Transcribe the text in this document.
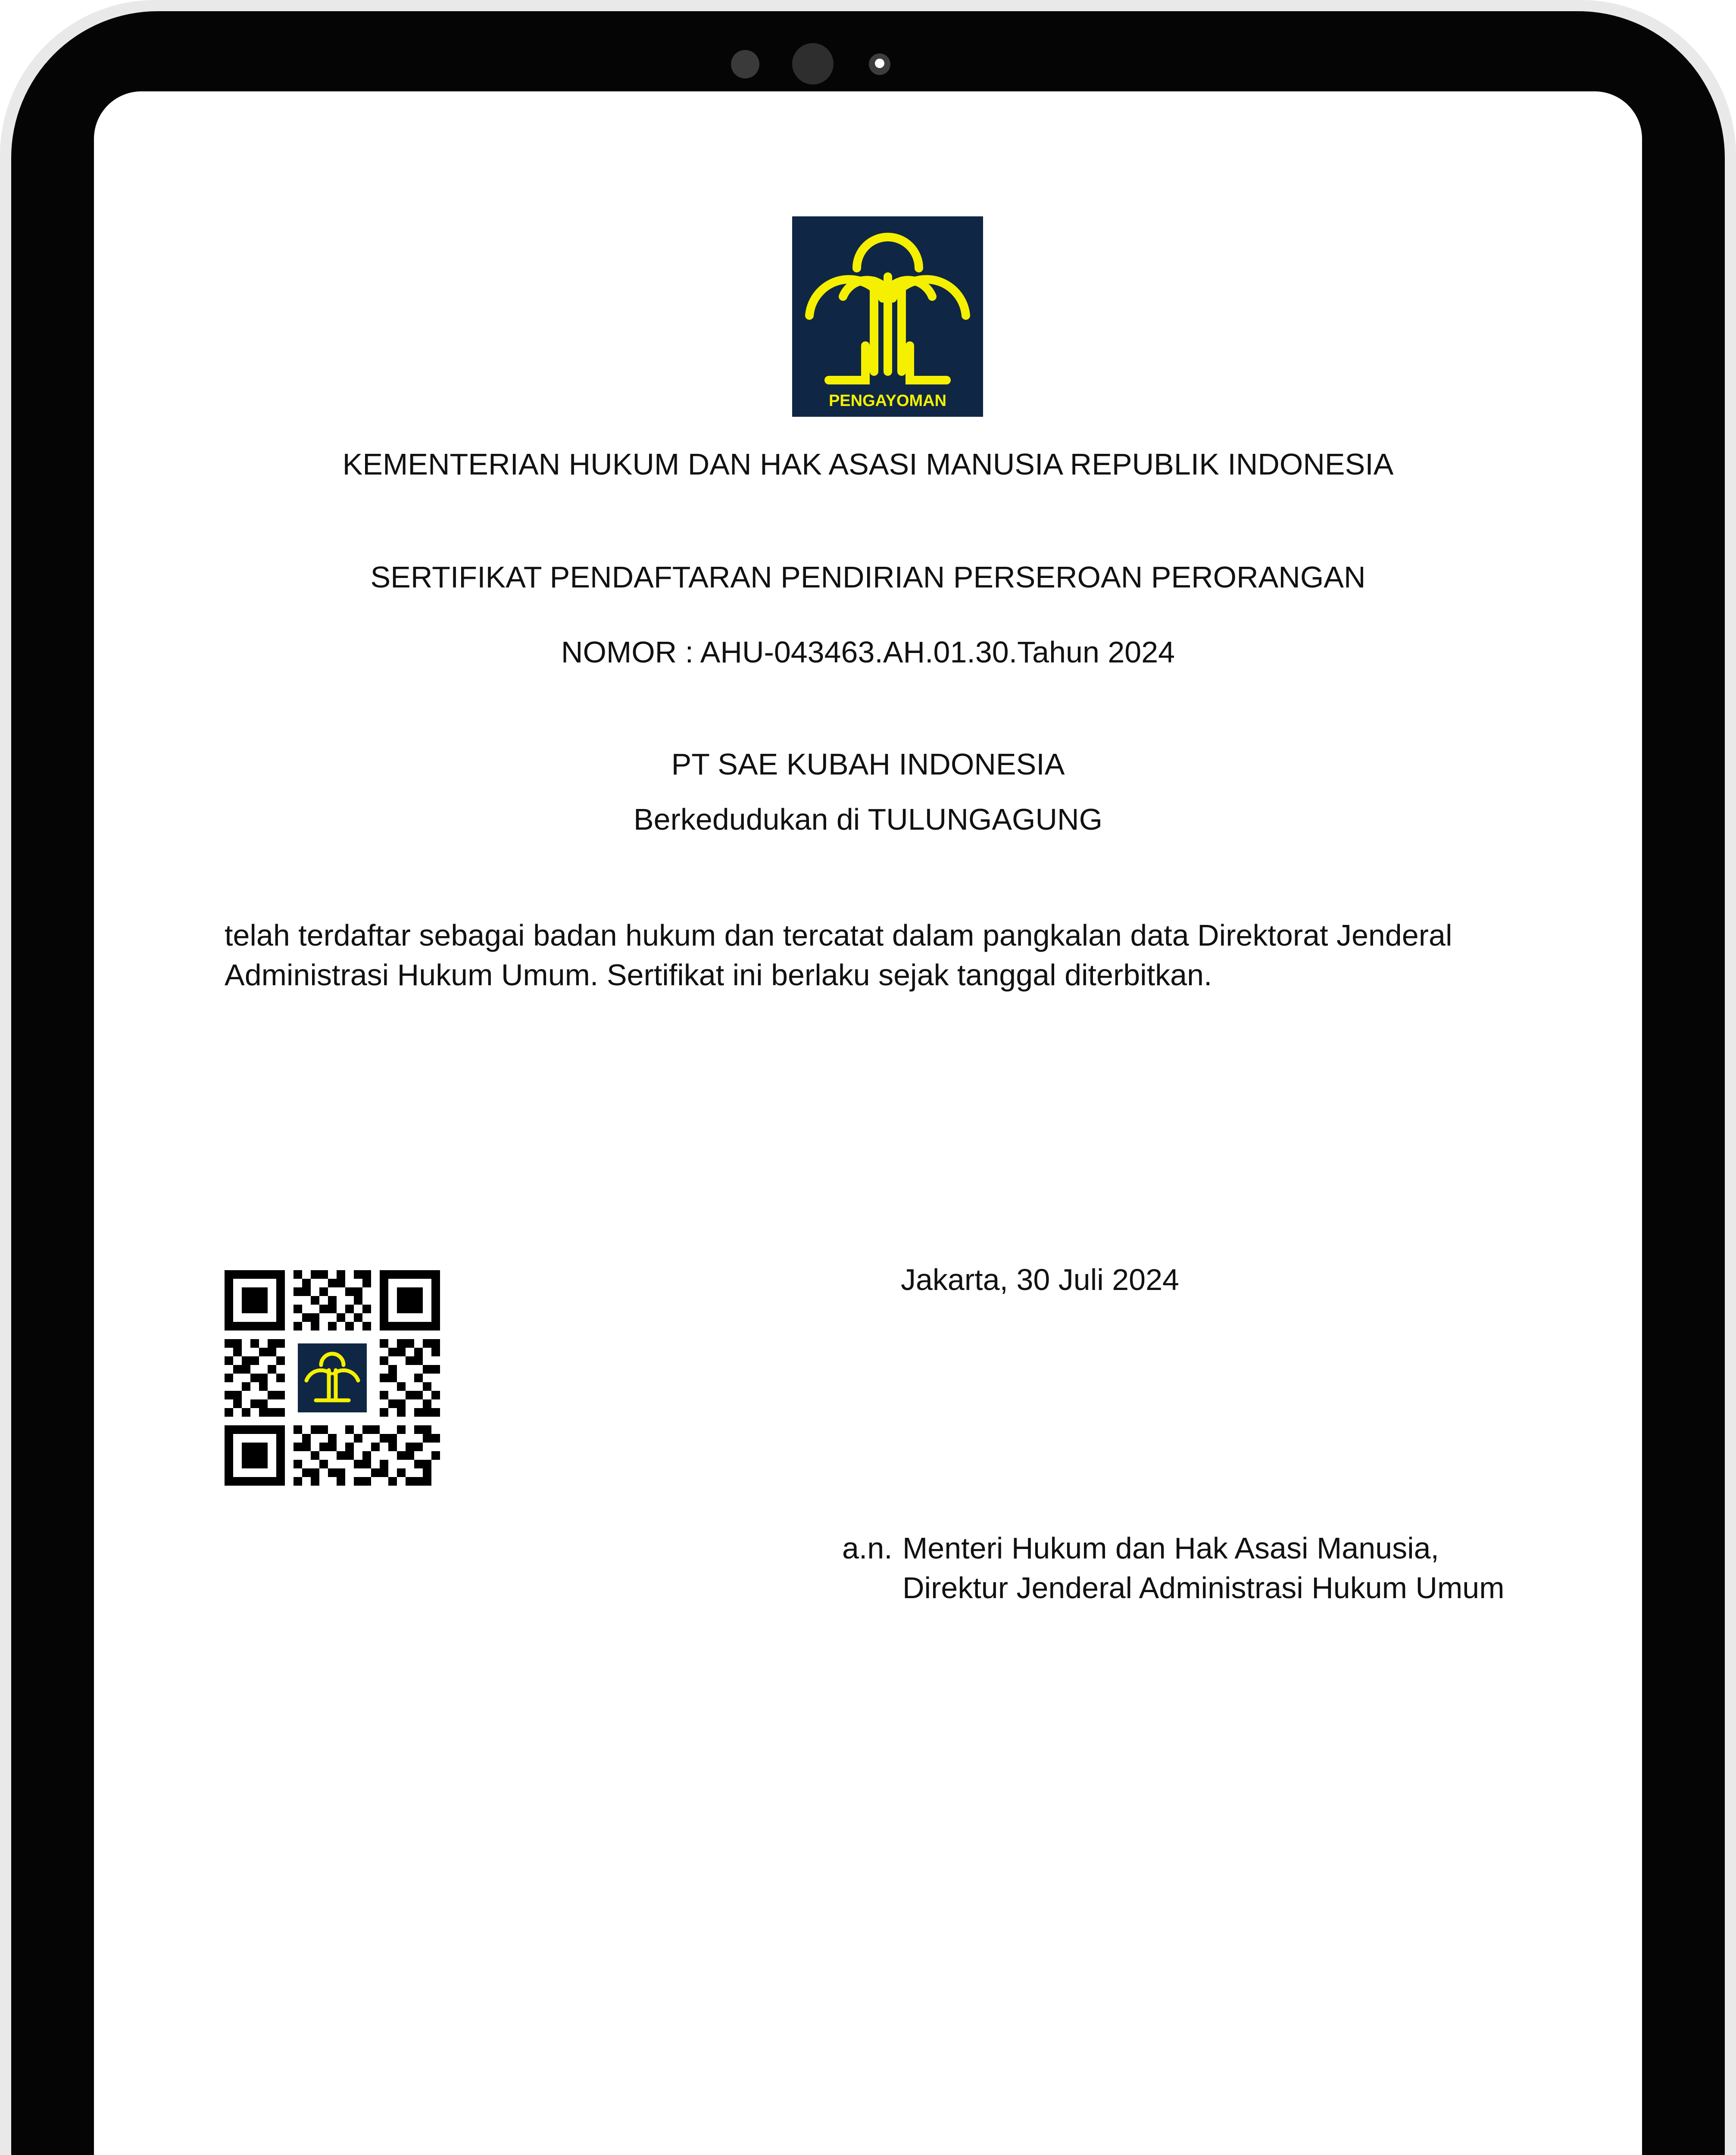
PENGAYOMAN
KEMENTERIAN HUKUM DAN HAK ASASI MANUSIA REPUBLIK INDONESIA
SERTIFIKAT PENDAFTARAN PENDIRIAN PERSEROAN PERORANGAN
NOMOR : AHU-043463.AH.01.30.Tahun 2024
PT SAE KUBAH INDONESIA
Berkedudukan di TULUNGAGUNG
telah terdaftar sebagai badan hukum dan tercatat dalam pangkalan data Direktorat Jenderal Administrasi Hukum Umum. Sertifikat ini berlaku sejak tanggal diterbitkan.
Jakarta, 30 Juli 2024
a.n. Menteri Hukum dan Hak Asasi Manusia,
Direktur Jenderal Administrasi Hukum Umum
